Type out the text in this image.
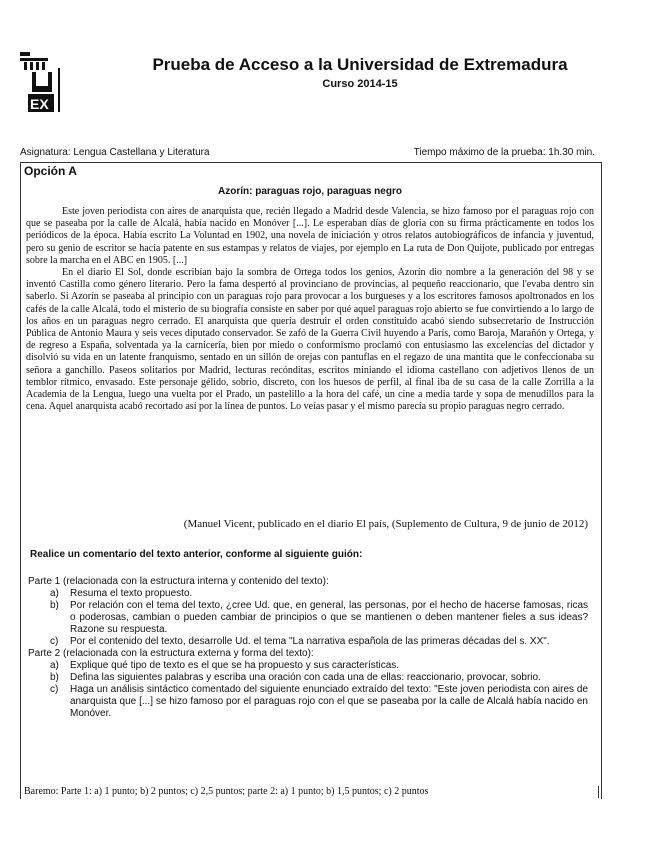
EX
Prueba de Acceso a la Universidad de Extremadura
Curso 2014-15
Asignatura: Lengua Castellana y Literatura	Tiempo máximo de la prueba: 1h.30 min.
Opción A
Azorín: paraguas rojo, paraguas negro

Este joven periodista con aires de anarquista que, recién llegado a Madrid desde Valencia, se hizo famoso por el paraguas rojo con que se paseaba por la calle de Alcalá, había nacido en Monóver [...]. Le esperaban días de gloria con su firma prácticamente en todos los periódicos de la época. Había escrito La Voluntad en 1902, una novela de iniciación y otros relatos autobiográficos de infancia y juventud, pero su genio de escritor se hacía patente en sus estampas y relatos de viajes, por ejemplo en La ruta de Don Quijote, publicado por entregas sobre la marcha en el ABC en 1905. [...]

En el diario El Sol, donde escribían bajo la sombra de Ortega todos los genios, Azorín dio nombre a la generación del 98 y se inventó Castilla como género literario. Pero la fama despertó al provinciano de provincias, al pequeño reaccionario, que l'evaba dentro sin saberlo. Si Azorín se paseaba al principio con un paraguas rojo para provocar a los burgueses y a los escritores famosos apoltronados en los cafés de la calle Alcalá, todo el misterio de su biografía consiste en saber por qué aquel paraguas rojo abierto se fue convirtiendo a lo largo de los años en un paraguas negro cerrado. El anarquista que quería destruir el orden constituido acabó siendo subsecretario de Instrucción Pública de Antonio Maura y seis veces diputado conservador. Se zafó de la Guerra Civil huyendo a París, como Baroja, Marañón y Ortega, y de regreso a España, solventada ya la carnicería, bien por miedo o conformismo proclamó con entusiasmo las excelencias del dictador y disolvió su vida en un latente franquismo, sentado en un sillón de orejas con pantuflas en el regazo de una mantita que le confeccionaba su señora a ganchillo. Paseos solitarios por Madrid, lecturas recónditas, escritos miniando el idioma castellano con adjetivos llenos de un temblor rítmico, envasado. Este personaje gélido, sobrio, discreto, con los huesos de perfil, al final iba de su casa de la calle Zorrilla a la Academia de la Lengua, luego una vuelta por el Prado, un pastelillo a la hora del café, un cine a media tarde y sopa de menudillos para la cena. Aquel anarquista acabó recortado así por la línea de puntos. Lo veías pasar y el mismo parecía su propio paraguas negro cerrado.

(Manuel Vicent, publicado en el diario El país, (Suplemento de Cultura, 9 de junio de 2012)
Realice un comentario del texto anterior, conforme al siguiente guión:

Parte 1 (relacionada con la estructura interna y contenido del texto):

a) Resuma el texto propuesto.

b) Por relación con el tema del texto, ¿cree Ud. que, en general, las personas, por el hecho de hacerse famosas, ricas o poderosas, cambian o pueden cambiar de principios o que se mantienen o deben mantener fieles a sus ideas? Razone su respuesta.

c) Por el contenido del texto, desarrolle Ud. el tema "La narrativa española de las primeras décadas del s. XX".

Parte 2 (relacionada con la estructura externa y forma del texto):

a) Explique qué tipo de texto es el que se ha propuesto y sus características.

b) Defina las siguientes palabras y escriba una oración con cada una de ellas: reaccionario, provocar, sobrio.

c) Haga un análisis sintáctico comentado del siguiente enunciado extraído del texto: "Este joven periodista con aires de anarquista que [...] se hizo famoso por el paraguas rojo con el que se paseaba por la calle de Alcalá había nacido en Monóver.

Baremo: Parte 1: a) 1 punto; b) 2 puntos; c) 2,5 puntos; parte 2: a) 1 punto; b) 1,5 puntos; c) 2 puntos
